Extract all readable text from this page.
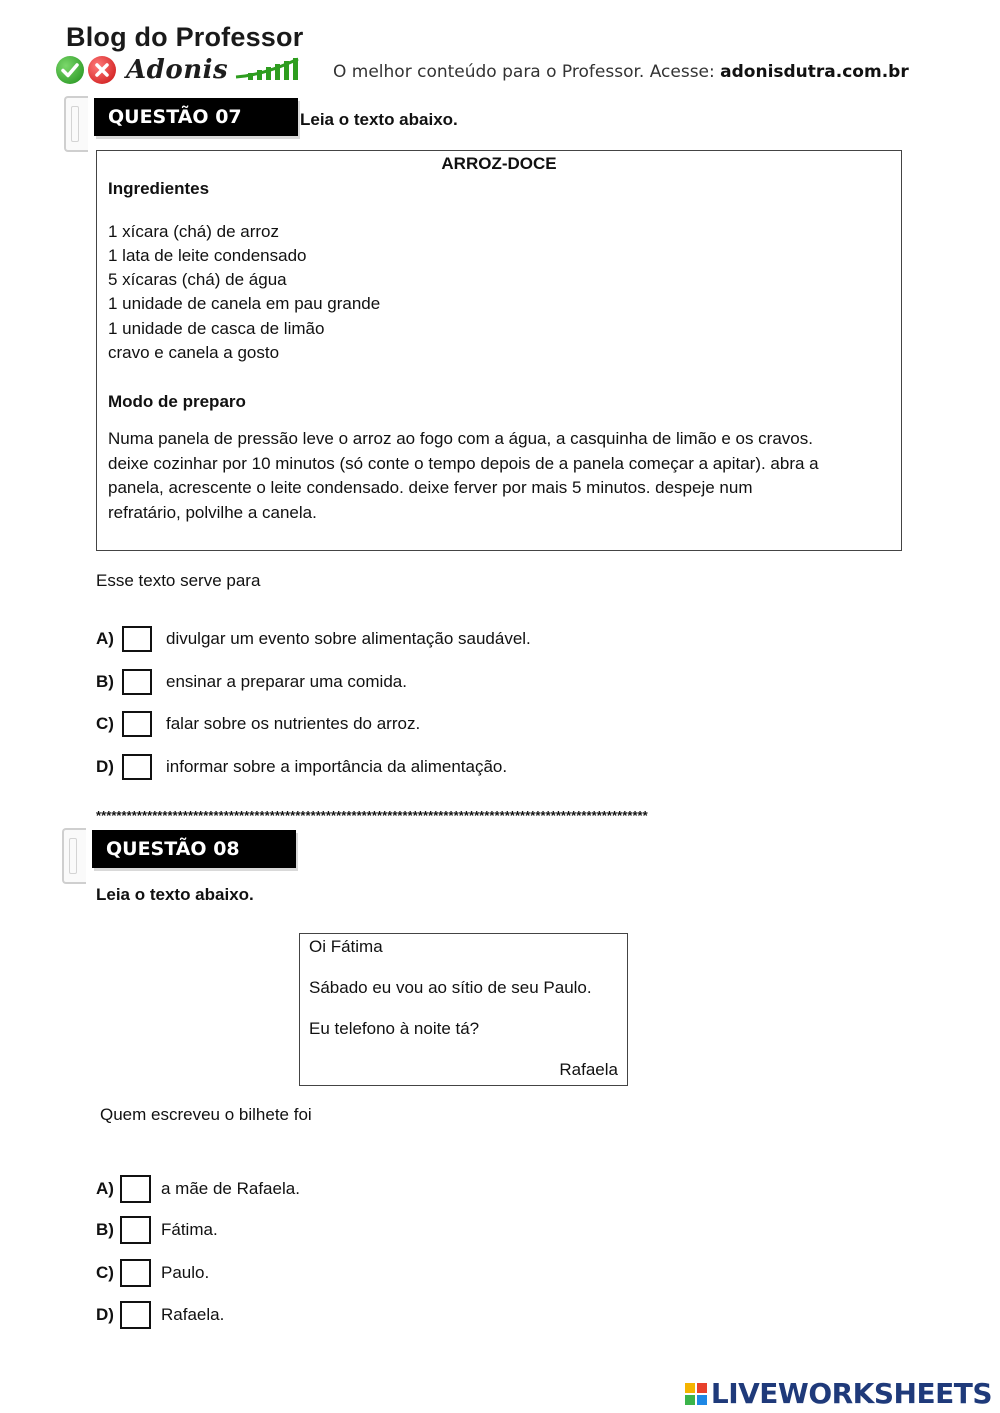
Blog do Professor
Adonis	O melhor conteúdo para o Professor. Acesse: adonisdutra.com.br
QUESTÃO 07	Leia o texto abaixo.
ARROZ-DOCE
Ingredientes
1 xícara (chá) de arroz
1 lata de leite condensado
5 xícaras (chá) de água
1 unidade de canela em pau grande
1 unidade de casca de limão
cravo e canela a gosto
Modo de preparo
Numa panela de pressão leve o arroz ao fogo com a água, a casquinha de limão e os cravos.
deixe cozinhar por 10 minutos (só conte o tempo depois de a panela começar a apitar). abra a
panela, acrescente o leite condensado. deixe ferver por mais 5 minutos. despeje num
refratário, polvilhe a canela.
Esse texto serve para
A)	divulgar um evento sobre alimentação saudável.
B)	ensinar a preparar uma comida.
C)	falar sobre os nutrientes do arroz.
D)	informar sobre a importância da alimentação.
************************************************************************************************************
QUESTÃO 08
Leia o texto abaixo.
Oi Fátima
Sábado eu vou ao sítio de seu Paulo.
Eu telefono à noite tá?
Rafaela
Quem escreveu o bilhete foi
A)	a mãe de Rafaela.
B)	Fátima.
C)	Paulo.
D)	Rafaela.
LIVEWORKSHEETS
